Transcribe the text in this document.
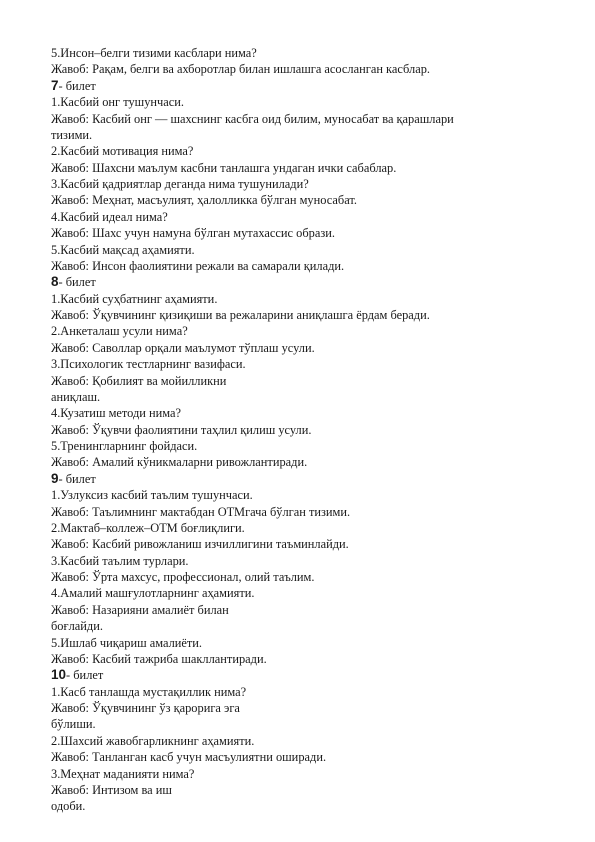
5.Инсон–белги тизими касблари нима?
Жавоб: Рақам, белги ва ахборотлар билан ишлашга асосланган касблар.
7- билет
1.Касбий онг тушунчаси.
Жавоб: Касбий онг — шахснинг касбга оид билим, муносабат ва қарашлари
тизими.
2.Касбий мотивация нима?
Жавоб: Шахсни маълум касбни танлашга ундаган ички сабаблар.
3.Касбий қадриятлар деганда нима тушунилади?
Жавоб: Меҳнат, масъулият, ҳалолликка бўлган муносабат.
4.Касбий идеал нима?
Жавоб: Шахс учун намуна бўлган мутахассис образи.
5.Касбий мақсад аҳамияти.
Жавоб: Инсон фаолиятини режали ва самарали қилади.
8- билет
1.Касбий суҳбатнинг аҳамияти.
Жавоб: Ўқувчининг қизиқиши ва режаларини аниқлашга ёрдам беради.
2.Анкеталаш усули нима?
Жавоб: Саволлар орқали маълумот тўплаш усули.
3.Психологик тестларнинг вазифаси.
Жавоб: Қобилият ва мойилликни
аниқлаш.
4.Кузатиш методи нима?
Жавоб: Ўқувчи фаолиятини таҳлил қилиш усули.
5.Тренингларнинг фойдаси.
Жавоб: Амалий кўникмаларни ривожлантиради.
9- билет
1.Узлуксиз касбий таълим тушунчаси.
Жавоб: Таълимнинг мактабдан ОТМгача бўлган тизими.
2.Мактаб–коллеж–ОТМ боғлиқлиги.
Жавоб: Касбий ривожланиш изчиллигини таъминлайди.
3.Касбий таълим турлари.
Жавоб: Ўрта махсус, профессионал, олий таълим.
4.Амалий машғулотларнинг аҳамияти.
Жавоб: Назарияни амалиёт билан
боғлайди.
5.Ишлаб чиқариш амалиёти.
Жавоб: Касбий тажриба шакллантиради.
10- билет
1.Касб танлашда мустақиллик нима?
Жавоб: Ўқувчининг ўз қарорига эга
бўлиши.
2.Шахсий жавобгарликнинг аҳамияти.
Жавоб: Танланган касб учун масъулиятни оширади.
3.Меҳнат маданияти нима?
Жавоб: Интизом ва иш
одоби.
